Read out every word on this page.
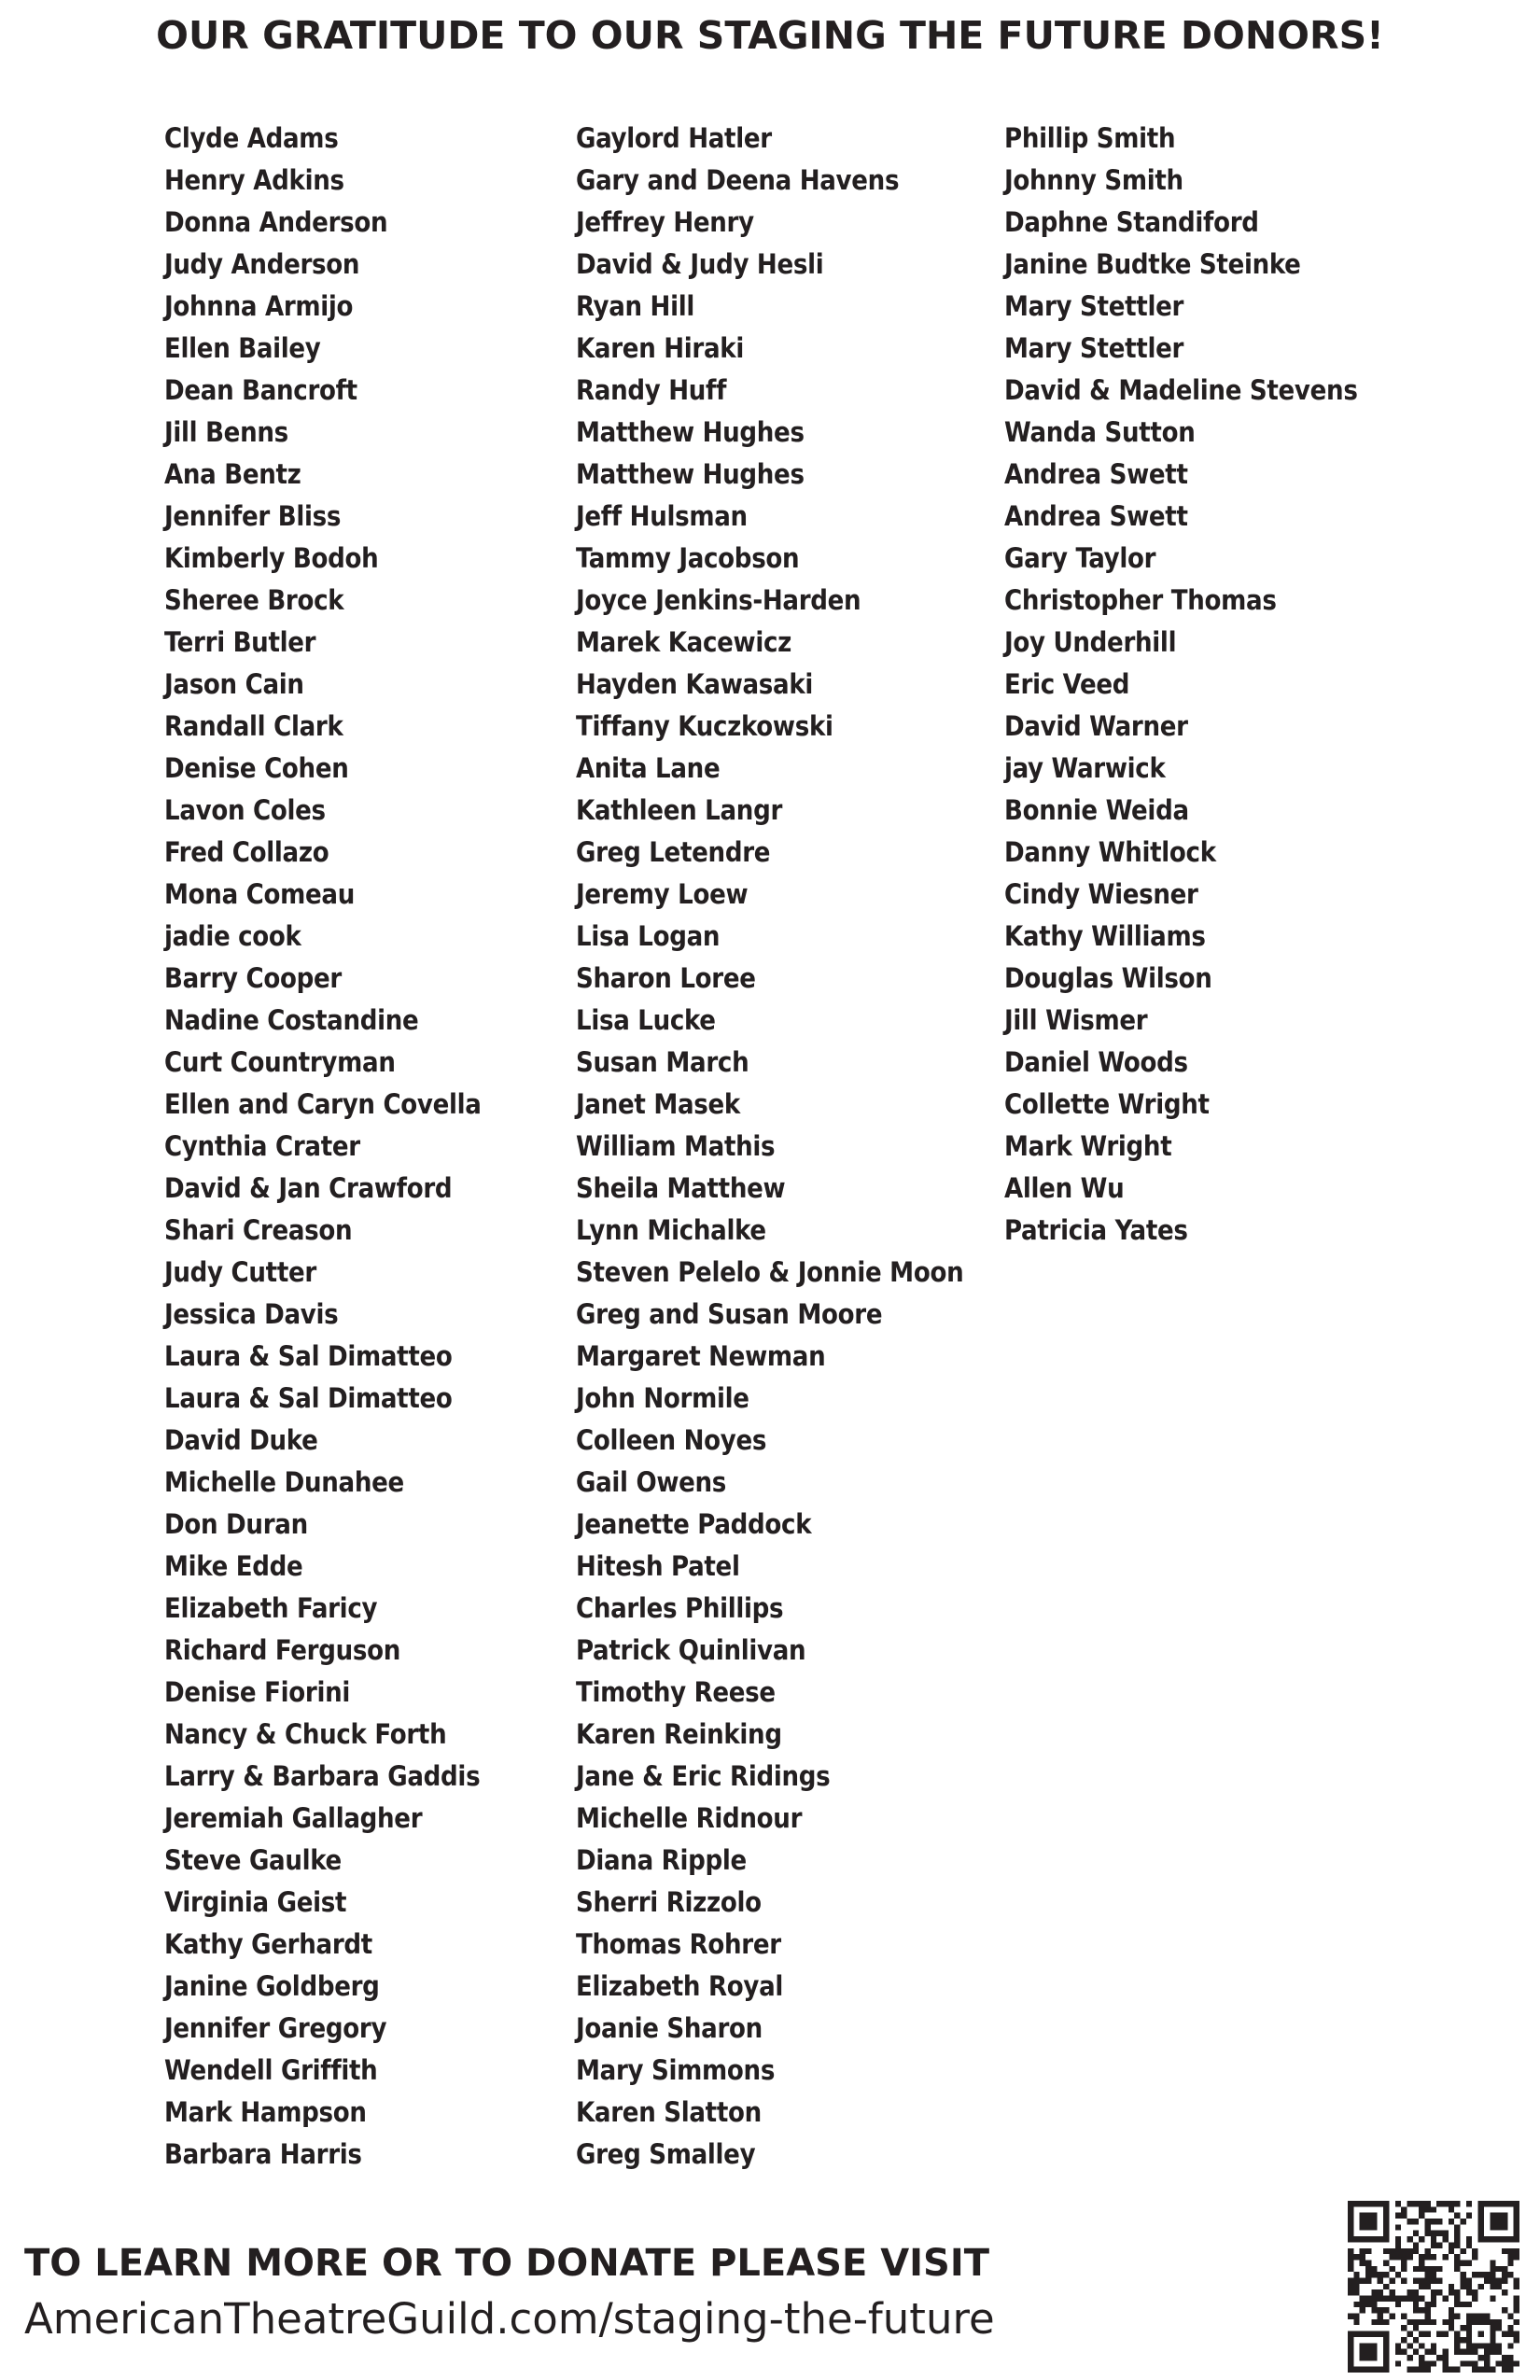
OUR GRATITUDE TO OUR STAGING THE FUTURE DONORS!
Clyde Adams
Henry Adkins
Donna Anderson
Judy Anderson
Johnna Armijo
Ellen Bailey
Dean Bancroft
Jill Benns
Ana Bentz
Jennifer Bliss
Kimberly Bodoh
Sheree Brock
Terri Butler
Jason Cain
Randall Clark
Denise Cohen
Lavon Coles
Fred Collazo
Mona Comeau
jadie cook
Barry Cooper
Nadine Costandine
Curt Countryman
Ellen and Caryn Covella
Cynthia Crater
David & Jan Crawford
Shari Creason
Judy Cutter
Jessica Davis
Laura & Sal Dimatteo
Laura & Sal Dimatteo
David Duke
Michelle Dunahee
Don Duran
Mike Edde
Elizabeth Faricy
Richard Ferguson
Denise Fiorini
Nancy & Chuck Forth
Larry & Barbara Gaddis
Jeremiah Gallagher
Steve Gaulke
Virginia Geist
Kathy Gerhardt
Janine Goldberg
Jennifer Gregory
Wendell Griffith
Mark Hampson
Barbara Harris
Gaylord Hatler
Gary and Deena Havens
Jeffrey Henry
David & Judy Hesli
Ryan Hill
Karen Hiraki
Randy Huff
Matthew Hughes
Matthew Hughes
Jeff Hulsman
Tammy Jacobson
Joyce Jenkins-Harden
Marek Kacewicz
Hayden Kawasaki
Tiffany Kuczkowski
Anita Lane
Kathleen Langr
Greg Letendre
Jeremy Loew
Lisa Logan
Sharon Loree
Lisa Lucke
Susan March
Janet Masek
William Mathis
Sheila Matthew
Lynn Michalke
Steven Pelelo & Jonnie Moon
Greg and Susan Moore
Margaret Newman
John Normile
Colleen Noyes
Gail Owens
Jeanette Paddock
Hitesh Patel
Charles Phillips
Patrick Quinlivan
Timothy Reese
Karen Reinking
Jane & Eric Ridings
Michelle Ridnour
Diana Ripple
Sherri Rizzolo
Thomas Rohrer
Elizabeth Royal
Joanie Sharon
Mary Simmons
Karen Slatton
Greg Smalley
Phillip Smith
Johnny Smith
Daphne Standiford
Janine Budtke Steinke
Mary Stettler
Mary Stettler
David & Madeline Stevens
Wanda Sutton
Andrea Swett
Andrea Swett
Gary Taylor
Christopher Thomas
Joy Underhill
Eric Veed
David Warner
jay Warwick
Bonnie Weida
Danny Whitlock
Cindy Wiesner
Kathy Williams
Douglas Wilson
Jill Wismer
Daniel Woods
Collette Wright
Mark Wright
Allen Wu
Patricia Yates
TO LEARN MORE OR TO DONATE PLEASE VISIT
AmericanTheatreGuild.com/staging-the-future
